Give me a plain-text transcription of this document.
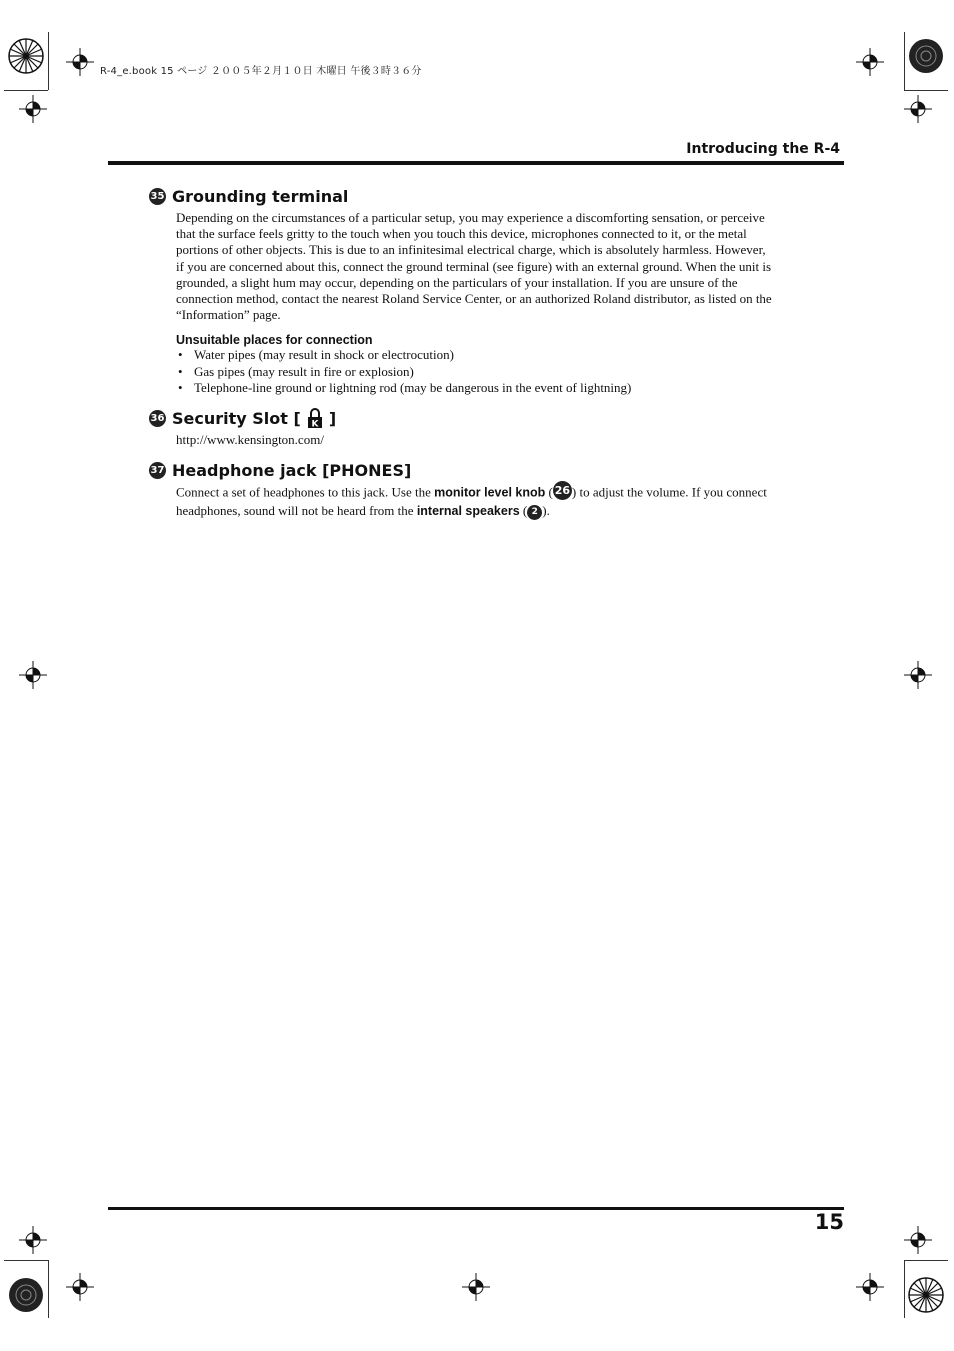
R-4_e.book 15 ページ ２００５年２月１０日 木曜日 午後３時３６分
Introducing the R-4
35 Grounding terminal
Depending on the circumstances of a particular setup, you may experience a discomforting sensation, or perceive that the surface feels gritty to the touch when you touch this device, microphones connected to it, or the metal portions of other objects. This is due to an infinitesimal electrical charge, which is absolutely harmless. However, if you are concerned about this, connect the ground terminal (see figure) with an external ground. When the unit is grounded, a slight hum may occur, depending on the particulars of your installation. If you are unsure of the connection method, contact the nearest Roland Service Center, or an authorized Roland distributor, as listed on the “Information” page.
Unsuitable places for connection
• Water pipes (may result in shock or electrocution)
• Gas pipes (may result in fire or explosion)
• Telephone-line ground or lightning rod (may be dangerous in the event of lightning)
36 Security Slot [ K ]
http://www.kensington.com/
37 Headphone jack [PHONES]
Connect a set of headphones to this jack. Use the monitor level knob ( 26 ) to adjust the volume. If you connect headphones, sound will not be heard from the internal speakers ( 2 ).
15
